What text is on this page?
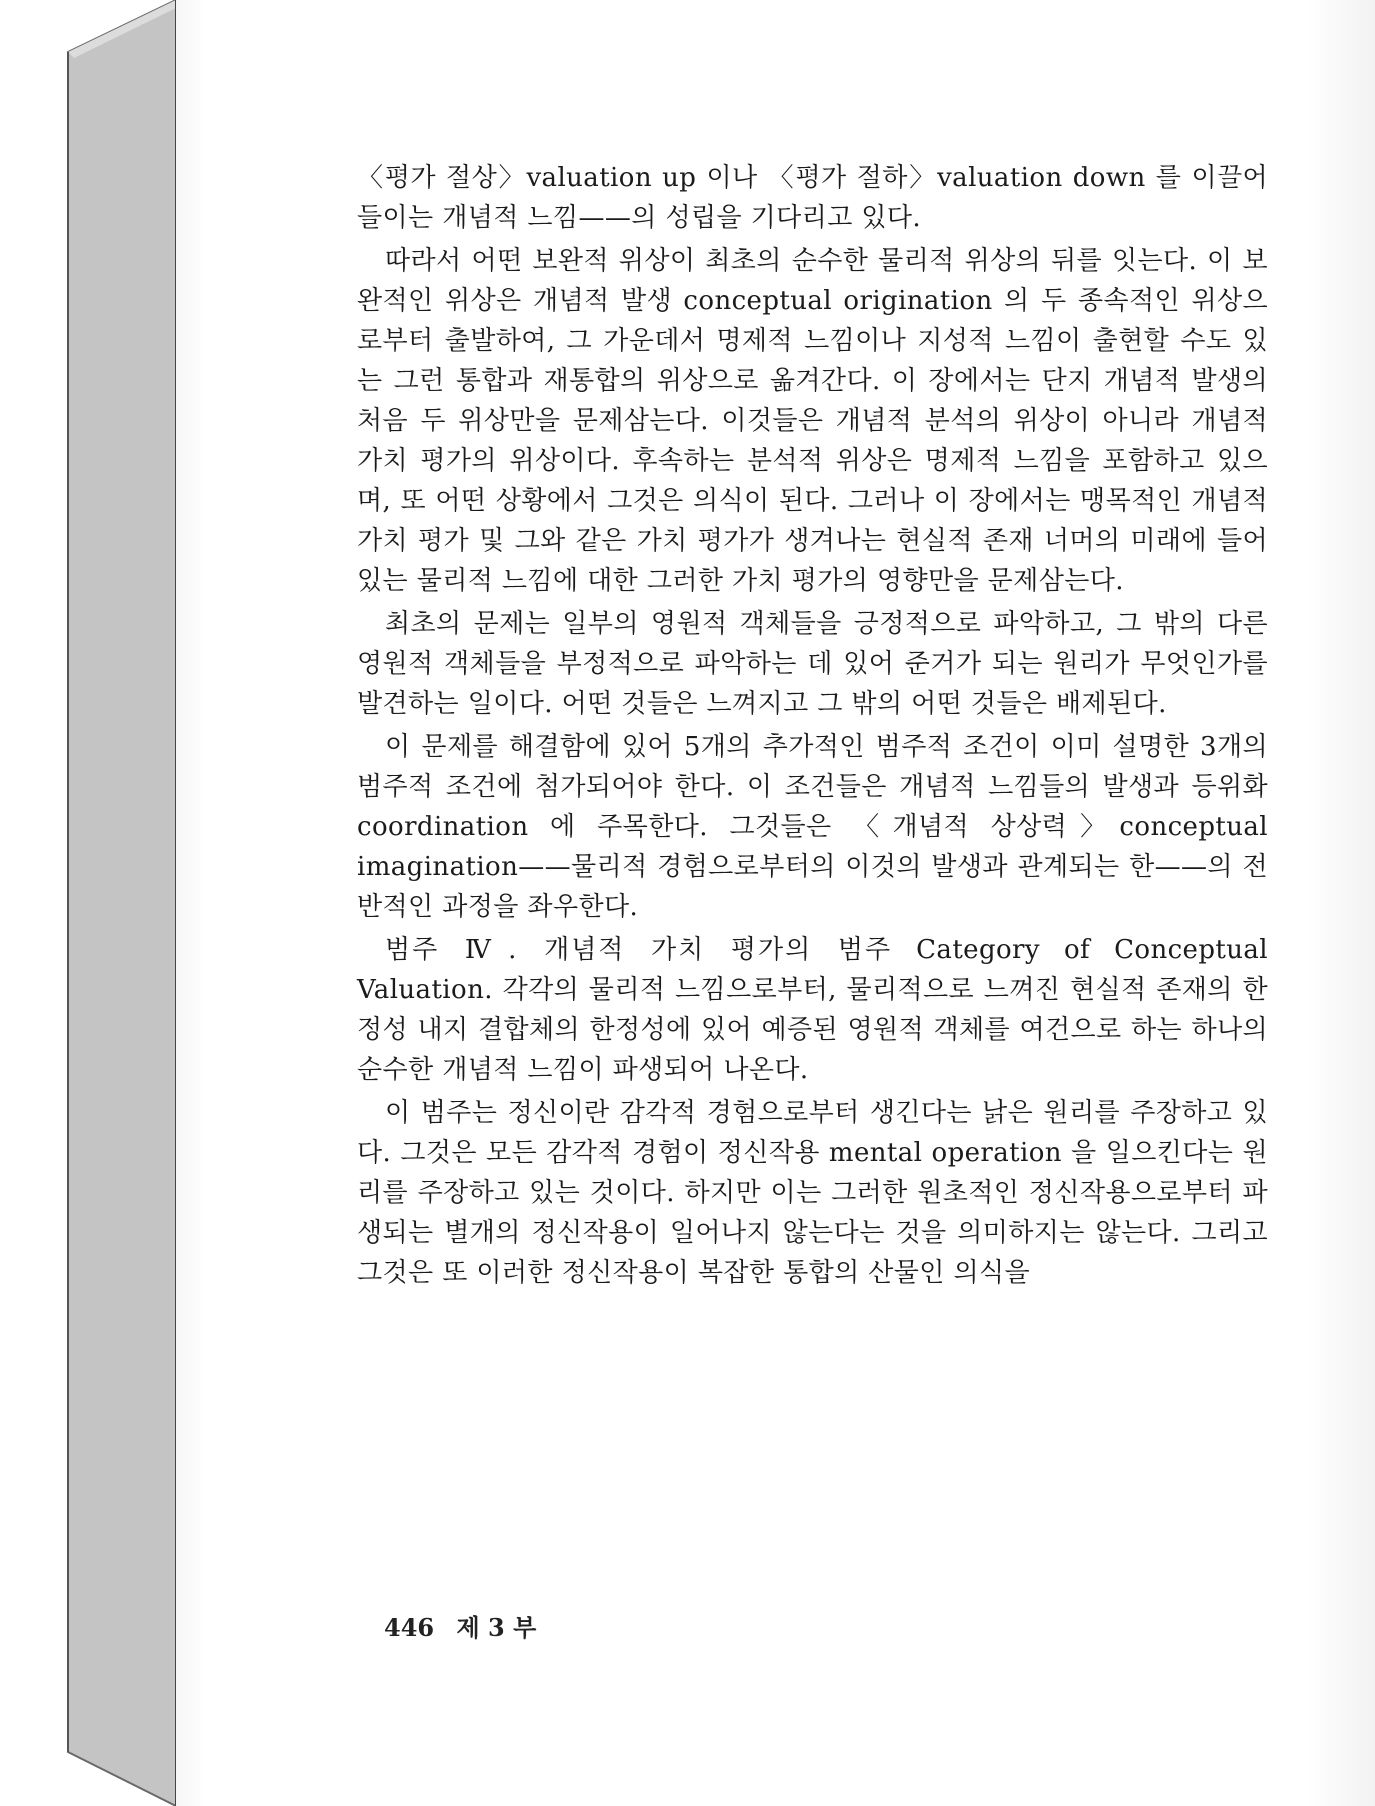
〈평가 절상〉valuation up 이나 〈평가 절하〉valuation down 를 이끌어들이는 개념적 느낌——의 성립을 기다리고 있다.

따라서 어떤 보완적 위상이 최초의 순수한 물리적 위상의 뒤를 잇는다. 이 보완적인 위상은 개념적 발생 conceptual origination 의 두 종속적인 위상으로부터 출발하여, 그 가운데서 명제적 느낌이나 지성적 느낌이 출현할 수도 있는 그런 통합과 재통합의 위상으로 옮겨간다. 이 장에서는 단지 개념적 발생의 처음 두 위상만을 문제삼는다. 이것들은 개념적 분석의 위상이 아니라 개념적 가치 평가의 위상이다. 후속하는 분석적 위상은 명제적 느낌을 포함하고 있으며, 또 어떤 상황에서 그것은 의식이 된다. 그러나 이 장에서는 맹목적인 개념적 가치 평가 및 그와 같은 가치 평가가 생겨나는 현실적 존재 너머의 미래에 들어 있는 물리적 느낌에 대한 그러한 가치 평가의 영향만을 문제삼는다.

최초의 문제는 일부의 영원적 객체들을 긍정적으로 파악하고, 그 밖의 다른 영원적 객체들을 부정적으로 파악하는 데 있어 준거가 되는 원리가 무엇인가를 발견하는 일이다. 어떤 것들은 느껴지고 그 밖의 어떤 것들은 배제된다.

이 문제를 해결함에 있어 5개의 추가적인 범주적 조건이 이미 설명한 3개의 범주적 조건에 첨가되어야 한다. 이 조건들은 개념적 느낌들의 발생과 등위화 coordination 에 주목한다. 그것들은 〈개념적 상상력〉conceptual imagination——물리적 경험으로부터의 이것의 발생과 관계되는 한——의 전반적인 과정을 좌우한다.

범주 Ⅳ. 개념적 가치 평가의 범주 Category of Conceptual Valuation. 각각의 물리적 느낌으로부터, 물리적으로 느껴진 현실적 존재의 한정성 내지 결합체의 한정성에 있어 예증된 영원적 객체를 여건으로 하는 하나의 순수한 개념적 느낌이 파생되어 나온다.

이 범주는 정신이란 감각적 경험으로부터 생긴다는 낡은 원리를 주장하고 있다. 그것은 모든 감각적 경험이 정신작용 mental operation 을 일으킨다는 원리를 주장하고 있는 것이다. 하지만 이는 그러한 원초적인 정신작용으로부터 파생되는 별개의 정신작용이 일어나지 않는다는 것을 의미하지는 않는다. 그리고 그것은 또 이러한 정신작용이 복잡한 통합의 산물인 의식을

446 제 3 부
